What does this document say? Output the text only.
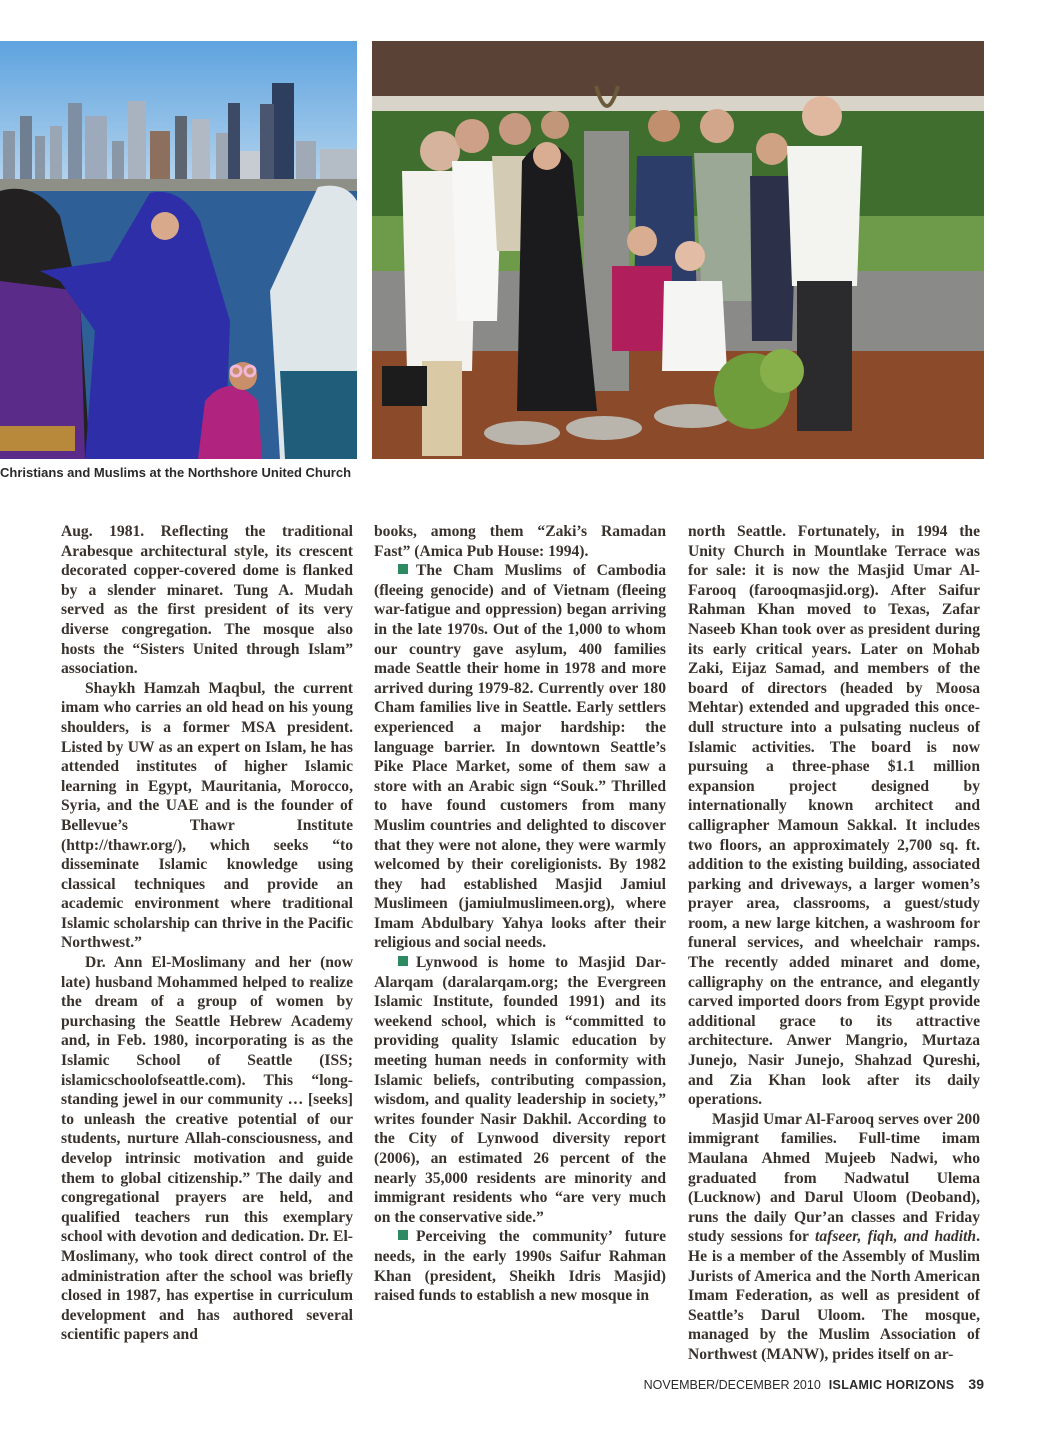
Christians and Muslims at the Northshore United Church

Aug. 1981. Reflecting the traditional Arabesque architectural style, its crescent decorated copper-covered dome is flanked by a slender minaret. Tung A. Mudah served as the first president of its very diverse congregation. The mosque also hosts the “Sisters United through Islam” association.

Shaykh Hamzah Maqbul, the current imam who carries an old head on his young shoulders, is a former MSA president. Listed by UW as an expert on Islam, he has attended institutes of higher Islamic learning in Egypt, Mauritania, Morocco, Syria, and the UAE and is the founder of Bellevue’s Thawr Institute (http://thawr.org/), which seeks “to disseminate Islamic knowledge using classical techniques and provide an academic environment where traditional Islamic scholarship can thrive in the Pacific Northwest.”

Dr. Ann El-Moslimany and her (now late) husband Mohammed helped to realize the dream of a group of women by purchasing the Seattle Hebrew Academy and, in Feb. 1980, incorporating is as the Islamic School of Seattle (ISS; islamicschoolofseattle.com). This “long-standing jewel in our community … [seeks] to unleash the creative potential of our students, nurture Allah-consciousness, and develop intrinsic motivation and guide them to global citizenship.” The daily and congregational prayers are held, and qualified teachers run this exemplary school with devotion and dedication. Dr. El-Moslimany, who took direct control of the administration after the school was briefly closed in 1987, has expertise in curriculum development and has authored several scientific papers and

books, among them “Zaki’s Ramadan Fast” (Amica Pub House: 1994).

The Cham Muslims of Cambodia (fleeing genocide) and of Vietnam (fleeing war-fatigue and oppression) began arriving in the late 1970s. Out of the 1,000 to whom our country gave asylum, 400 families made Seattle their home in 1978 and more arrived during 1979-82. Currently over 180 Cham families live in Seattle. Early settlers experienced a major hardship: the language barrier. In downtown Seattle’s Pike Place Market, some of them saw a store with an Arabic sign “Souk.” Thrilled to have found customers from many Muslim countries and delighted to discover that they were not alone, they were warmly welcomed by their coreligionists. By 1982 they had established Masjid Jamiul Muslimeen (jamiulmuslimeen.org), where Imam Abdulbary Yahya looks after their religious and social needs.

Lynwood is home to Masjid Dar-Alarqam (daralarqam.org; the Evergreen Islamic Institute, founded 1991) and its weekend school, which is “committed to providing quality Islamic education by meeting human needs in conformity with Islamic beliefs, contributing compassion, wisdom, and quality leadership in society,” writes founder Nasir Dakhil. According to the City of Lynwood diversity report (2006), an estimated 26 percent of the nearly 35,000 residents are minority and immigrant residents who “are very much on the conservative side.”

Perceiving the community’ future needs, in the early 1990s Saifur Rahman Khan (president, Sheikh Idris Masjid) raised funds to establish a new mosque in

north Seattle. Fortunately, in 1994 the Unity Church in Mountlake Terrace was for sale: it is now the Masjid Umar Al-Farooq (farooqmasjid.org). After Saifur Rahman Khan moved to Texas, Zafar Naseeb Khan took over as president during its early critical years. Later on Mohab Zaki, Eijaz Samad, and members of the board of directors (headed by Moosa Mehtar) extended and upgraded this once-dull structure into a pulsating nucleus of Islamic activities. The board is now pursuing a three-phase $1.1 million expansion project designed by internationally known architect and calligrapher Mamoun Sakkal. It includes two floors, an approximately 2,700 sq. ft. addition to the existing building, associated parking and driveways, a larger women’s prayer area, classrooms, a guest/study room, a new large kitchen, a washroom for funeral services, and wheelchair ramps. The recently added minaret and dome, calligraphy on the entrance, and elegantly carved imported doors from Egypt provide additional grace to its attractive architecture. Anwer Mangrio, Murtaza Junejo, Nasir Junejo, Shahzad Qureshi, and Zia Khan look after its daily operations.

Masjid Umar Al-Farooq serves over 200 immigrant families. Full-time imam Maulana Ahmed Mujeeb Nadwi, who graduated from Nadwatul Ulema (Lucknow) and Darul Uloom (Deoband), runs the daily Qur’an classes and Friday study sessions for tafseer, fiqh, and hadith. He is a member of the Assembly of Muslim Jurists of America and the North American Imam Federation, as well as president of Seattle’s Darul Uloom. The mosque, managed by the Muslim Association of Northwest (MANW), prides itself on ar-

NOVEMBER/DECEMBER 2010 ISLAMIC HORIZONS 39
